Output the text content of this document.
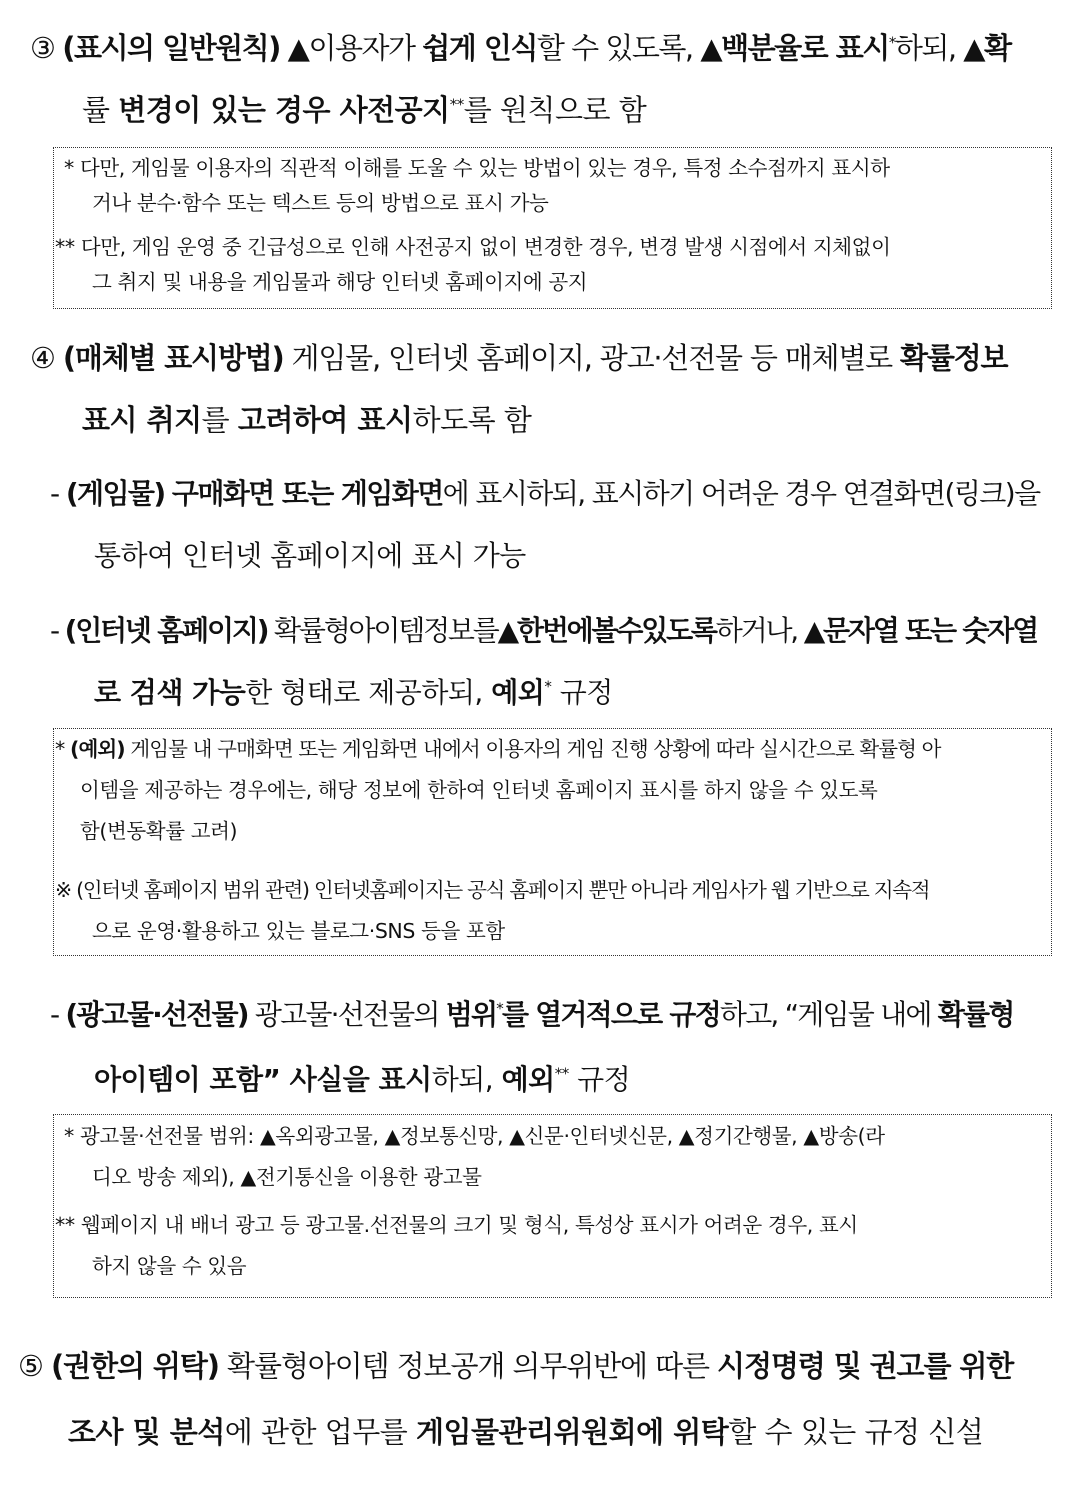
③ (표시의 일반원칙) ▲이용자가 쉽게 인식할 수 있도록, ▲백분율로 표시*하되, ▲확
률 변경이 있는 경우 사전공지**를 원칙으로 함
* 다만, 게임물 이용자의 직관적 이해를 도울 수 있는 방법이 있는 경우, 특정 소수점까지 표시하
거나 분수·함수 또는 텍스트 등의 방법으로 표시 가능
** 다만, 게임 운영 중 긴급성으로 인해 사전공지 없이 변경한 경우, 변경 발생 시점에서 지체없이
그 취지 및 내용을 게임물과 해당 인터넷 홈페이지에 공지
④ (매체별 표시방법) 게임물, 인터넷 홈페이지, 광고·선전물 등 매체별로 확률정보
표시 취지를 고려하여 표시하도록 함
- (게임물) 구매화면 또는 게임화면에 표시하되, 표시하기 어려운 경우 연결화면(링크)을
통하여 인터넷 홈페이지에 표시 가능
- (인터넷 홈페이지) 확률형아이템정보를▲한번에볼수있도록하거나, ▲문자열 또는 숫자열
로 검색 가능한 형태로 제공하되, 예외* 규정
* (예외) 게임물 내 구매화면 또는 게임화면 내에서 이용자의 게임 진행 상황에 따라 실시간으로 확률형 아
이템을 제공하는 경우에는, 해당 정보에 한하여 인터넷 홈페이지 표시를 하지 않을 수 있도록
함(변동확률 고려)
※ (인터넷 홈페이지 범위 관련) 인터넷홈페이지는 공식 홈페이지 뿐만 아니라 게임사가 웹 기반으로 지속적
으로 운영·활용하고 있는 블로그·SNS 등을 포함
- (광고물·선전물) 광고물·선전물의 범위*를 열거적으로 규정하고, “게임물 내에 확률형
아이템이 포함” 사실을 표시하되, 예외** 규정
* 광고물·선전물 범위: ▲옥외광고물, ▲정보통신망, ▲신문·인터넷신문, ▲정기간행물, ▲방송(라
디오 방송 제외), ▲전기통신을 이용한 광고물
** 웹페이지 내 배너 광고 등 광고물.선전물의 크기 및 형식, 특성상 표시가 어려운 경우, 표시
하지 않을 수 있음
⑤ (권한의 위탁) 확률형아이템 정보공개 의무위반에 따른 시정명령 및 권고를 위한
조사 및 분석에 관한 업무를 게임물관리위원회에 위탁할 수 있는 규정 신설
